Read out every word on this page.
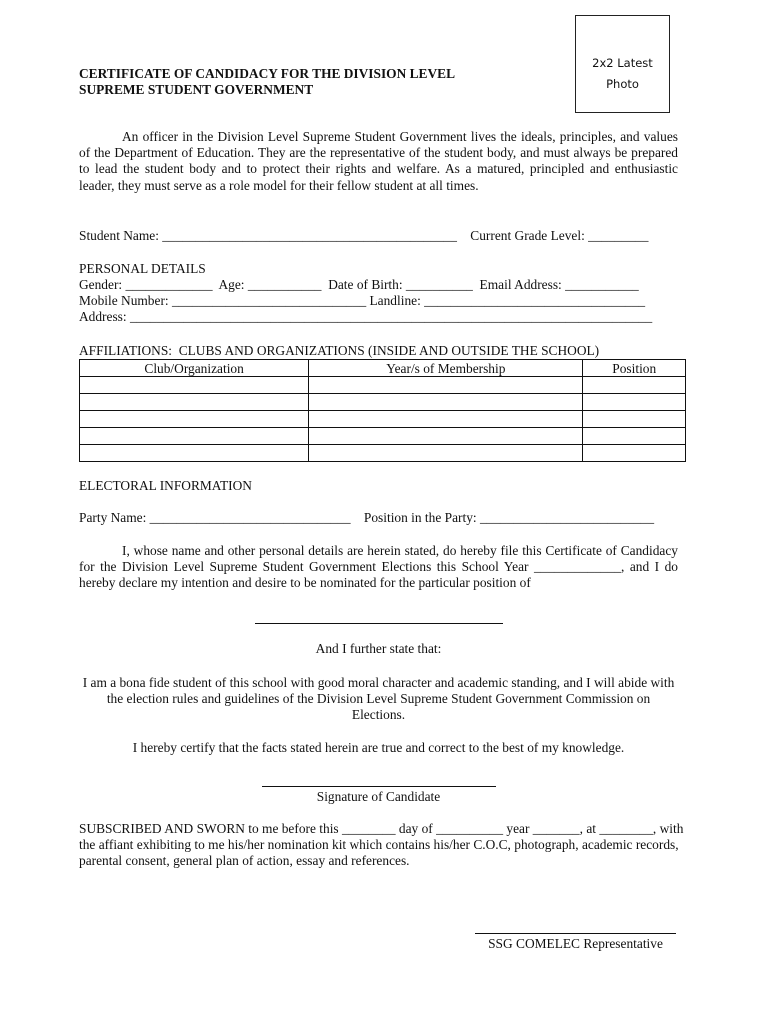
2x2 Latest
Photo
CERTIFICATE OF CANDIDACY FOR THE DIVISION LEVEL
SUPREME STUDENT GOVERNMENT
An officer in the Division Level Supreme Student Government lives the ideals, principles, and values of the Department of Education. They are the representative of the student body, and must always be prepared to lead the student body and to protect their rights and welfare. As a matured, principled and enthusiastic leader, they must serve as a role model for their fellow student at all times.
Student Name: ____________________________________________    Current Grade Level: _________
PERSONAL DETAILS
Gender: _____________  Age: ___________  Date of Birth: __________  Email Address: ___________
Mobile Number: _____________________________ Landline: _________________________________
Address: ______________________________________________________________________________
AFFILIATIONS:  CLUBS AND ORGANIZATIONS (INSIDE AND OUTSIDE THE SCHOOL)
Club/Organization	Year/s of Membership	Position

ELECTORAL INFORMATION
Party Name: ______________________________    Position in the Party: __________________________
I, whose name and other personal details are herein stated, do hereby file this Certificate of Candidacy for the Division Level Supreme Student Government Elections this School Year _____________, and I do hereby declare my intention and desire to be nominated for the particular position of
And I further state that:
I am a bona fide student of this school with good moral character and academic standing, and I will abide with the election rules and guidelines of the Division Level Supreme Student Government Commission on Elections.
I hereby certify that the facts stated herein are true and correct to the best of my knowledge.
Signature of Candidate
SUBSCRIBED AND SWORN to me before this ________ day of __________ year _______, at ________, with the affiant exhibiting to me his/her nomination kit which contains his/her C.O.C, photograph, academic records, parental consent, general plan of action, essay and references.
SSG COMELEC Representative
